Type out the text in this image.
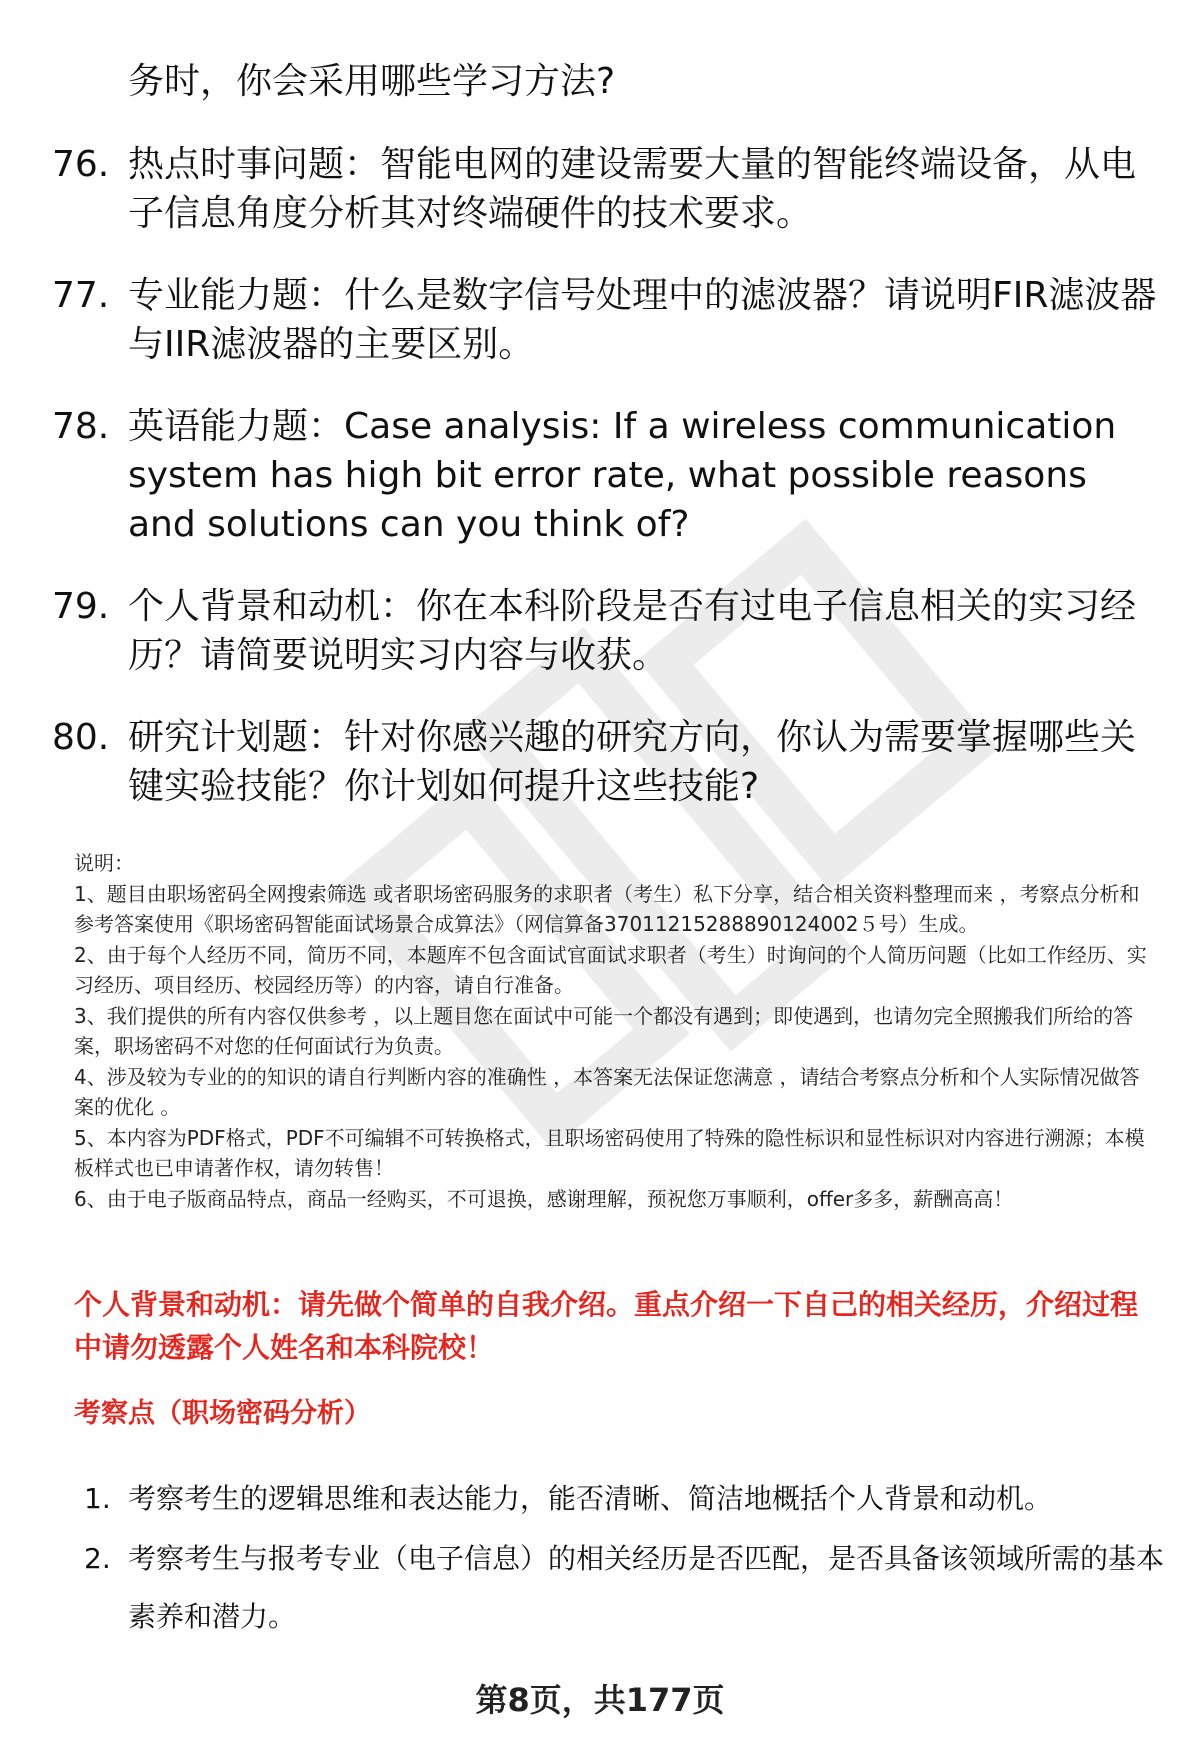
务时，你会采用哪些学习方法?

76. 热点时事问题：智能电网的建设需要大量的智能终端设备，从电子信息角度分析其对终端硬件的技术要求。
77. 专业能力题：什么是数字信号处理中的滤波器？请说明FIR滤波器与IIR滤波器的主要区别。
78. 英语能力题：Case analysis: If a wireless communication system has high bit error rate, what possible reasons and solutions can you think of?
79. 个人背景和动机：你在本科阶段是否有过电子信息相关的实习经历？请简要说明实习内容与收获。
80. 研究计划题：针对你感兴趣的研究方向，你认为需要掌握哪些关键实验技能？你计划如何提升这些技能?

说明：

1、题目由职场密码全网搜索筛选 或者职场密码服务的求职者（考生）私下分享，结合相关资料整理而来 ，考察点分析和参考答案使用《职场密码智能面试场景合成算法》（网信算备37011215288890124002５号）生成。

2、由于每个人经历不同，简历不同，本题库不包含面试官面试求职者（考生）时询问的个人简历问题（比如工作经历、实习经历、项目经历、校园经历等）的内容，请自行准备。

3、我们提供的所有内容仅供参考 ，以上题目您在面试中可能一个都没有遇到；即使遇到，也请勿完全照搬我们所给的答案，职场密码不对您的任何面试行为负责。

4、涉及较为专业的的知识的请自行判断内容的准确性 ，本答案无法保证您满意 ，请结合考察点分析和个人实际情况做答案的优化 。

5、本内容为PDF格式，PDF不可编辑不可转换格式，且职场密码使用了特殊的隐性标识和显性标识对内容进行溯源；本模板样式也已申请著作权，请勿转售！

6、由于电子版商品特点，商品一经购买，不可退换，感谢理解，预祝您万事顺利，offer多多，薪酬高高！

个人背景和动机：请先做个简单的自我介绍。重点介绍一下自己的相关经历，介绍过程中请勿透露个人姓名和本科院校！

考察点（职场密码分析）

1. 考察考生的逻辑思维和表达能力，能否清晰、简洁地概括个人背景和动机。
2. 考察考生与报考专业（电子信息）的相关经历是否匹配，是否具备该领域所需的基本素养和潜力。
第8页，共177页
